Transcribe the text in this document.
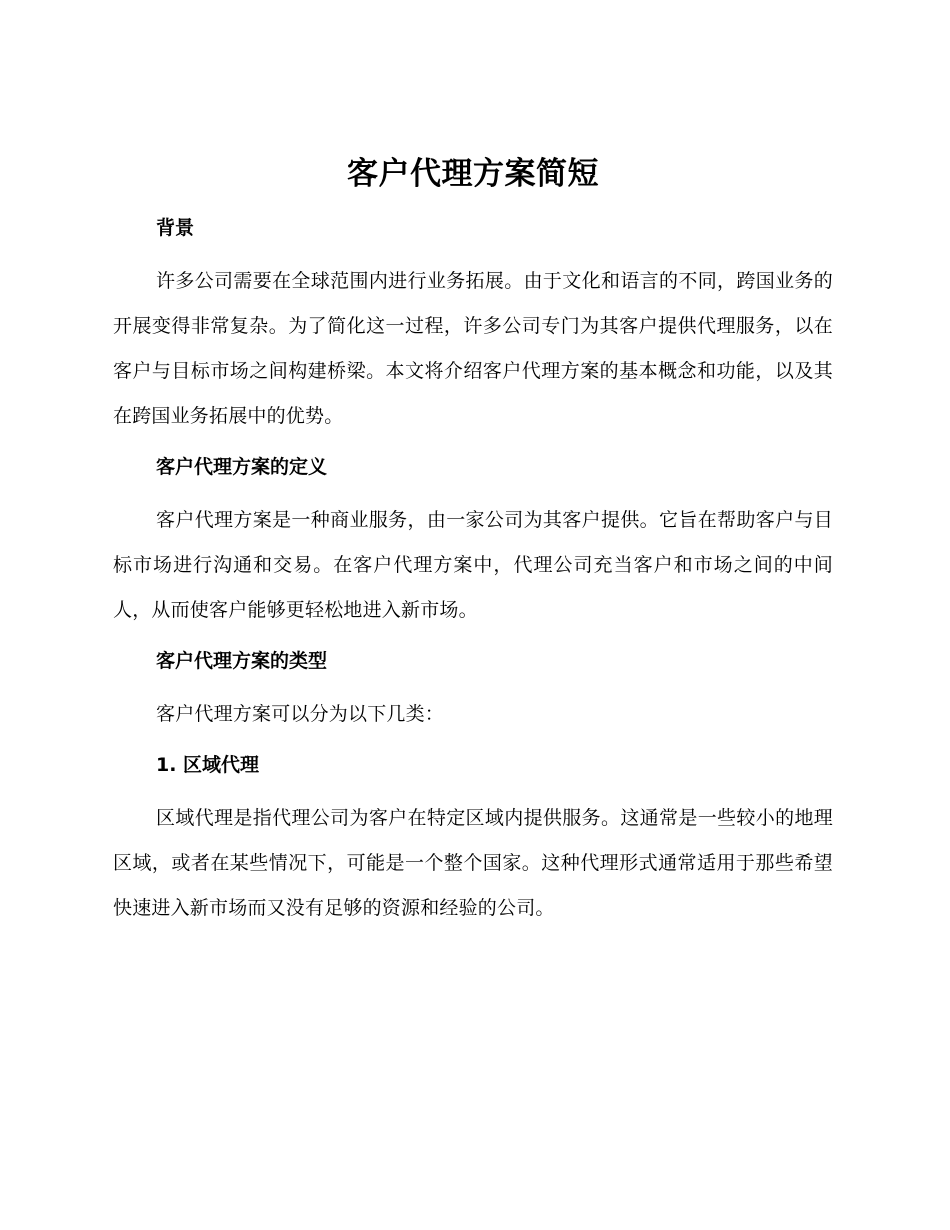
客户代理方案简短
背景

许多公司需要在全球范围内进行业务拓展。由于文化和语言的不同，跨国业务的开展变得非常复杂。为了简化这一过程，许多公司专门为其客户提供代理服务，以在客户与目标市场之间构建桥梁。本文将介绍客户代理方案的基本概念和功能，以及其在跨国业务拓展中的优势。

客户代理方案的定义

客户代理方案是一种商业服务，由一家公司为其客户提供。它旨在帮助客户与目标市场进行沟通和交易。在客户代理方案中，代理公司充当客户和市场之间的中间人，从而使客户能够更轻松地进入新市场。

客户代理方案的类型

客户代理方案可以分为以下几类：

1. 区域代理

区域代理是指代理公司为客户在特定区域内提供服务。这通常是一些较小的地理区域，或者在某些情况下，可能是一个整个国家。这种代理形式通常适用于那些希望快速进入新市场而又没有足够的资源和经验的公司。
